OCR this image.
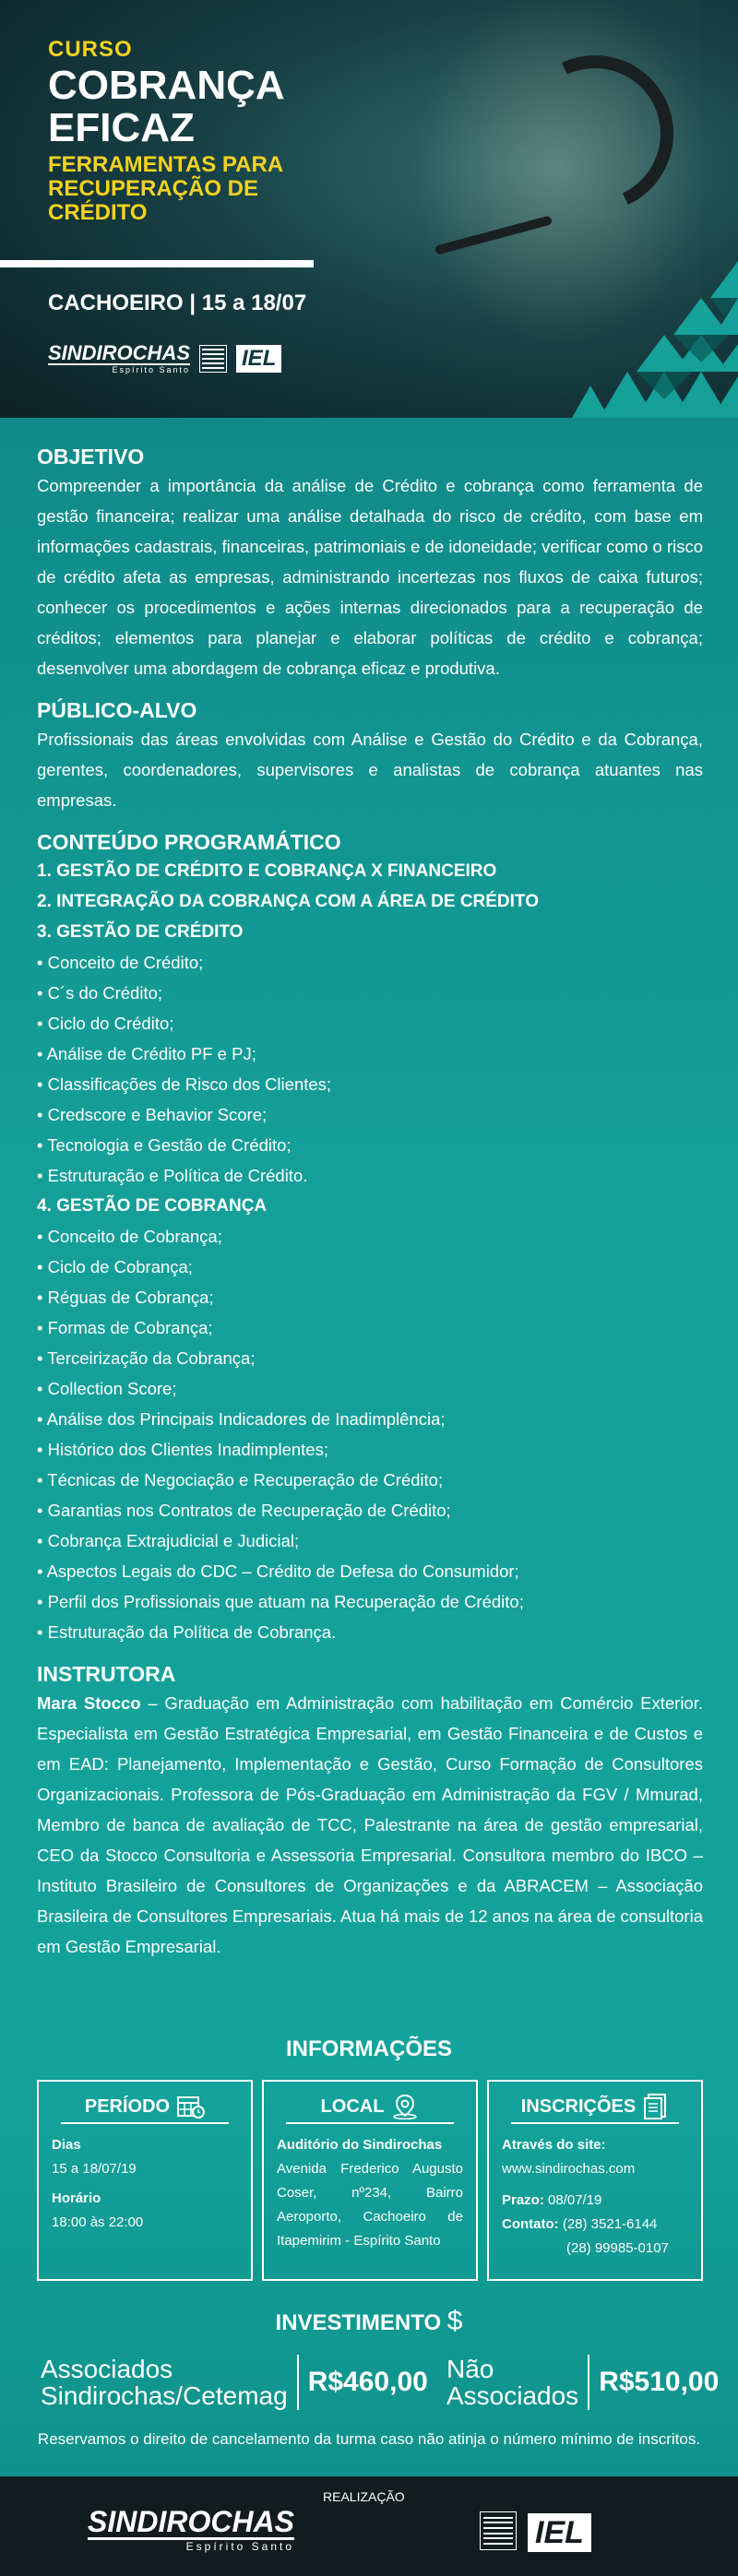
CURSO
COBRANÇA
EFICAZ
FERRAMENTAS PARA
RECUPERAÇÃO DE
CRÉDITO
CACHOEIRO | 15 a 18/07
SINDIROCHAS
Espírito Santo IEL
OBJETIVO

Compreender a importância da análise de Crédito e cobrança como ferramenta de gestão financeira; realizar uma análise detalhada do risco de crédito, com base em informações cadastrais, financeiras, patrimoniais e de idoneidade; verificar como o risco de crédito afeta as empresas, administrando incertezas nos fluxos de caixa futuros; conhecer os procedimentos e ações internas direcionados para a recuperação de créditos; elementos para planejar e elaborar políticas de crédito e cobrança; desenvolver uma abordagem de cobrança eficaz e produtiva.

PÚBLICO-ALVO

Profissionais das áreas envolvidas com Análise e Gestão do Crédito e da Cobrança, gerentes, coordenadores, supervisores e analistas de cobrança atuantes nas empresas.

CONTEÚDO PROGRAMÁTICO
1. GESTÃO DE CRÉDITO E COBRANÇA X FINANCEIRO
2. INTEGRAÇÃO DA COBRANÇA COM A ÁREA DE CRÉDITO
3. GESTÃO DE CRÉDITO
• Conceito de Crédito;
• C´s do Crédito;
• Ciclo do Crédito;
• Análise de Crédito PF e PJ;
• Classificações de Risco dos Clientes;
• Credscore e Behavior Score;
• Tecnologia e Gestão de Crédito;
• Estruturação e Política de Crédito.
4. GESTÃO DE COBRANÇA
• Conceito de Cobrança;
• Ciclo de Cobrança;
• Réguas de Cobrança;
• Formas de Cobrança;
• Terceirização da Cobrança;
• Collection Score;
• Análise dos Principais Indicadores de Inadimplência;
• Histórico dos Clientes Inadimplentes;
• Técnicas de Negociação e Recuperação de Crédito;
• Garantias nos Contratos de Recuperação de Crédito;
• Cobrança Extrajudicial e Judicial;
• Aspectos Legais do CDC – Crédito de Defesa do Consumidor;
• Perfil dos Profissionais que atuam na Recuperação de Crédito;
• Estruturação da Política de Cobrança.
INSTRUTORA

Mara Stocco – Graduação em Administração com habilitação em Comércio Exterior. Especialista em Gestão Estratégica Empresarial, em Gestão Financeira e de Custos e em EAD: Planejamento, Implementação e Gestão, Curso Formação de Consultores Organizacionais. Professora de Pós-Graduação em Administração da FGV / Mmurad, Membro de banca de avaliação de TCC, Palestrante na área de gestão empresarial, CEO da Stocco Consultoria e Assessoria Empresarial. Consultora membro do IBCO – Instituto Brasileiro de Consultores de Organizações e da ABRACEM – Associação Brasileira de Consultores Empresariais. Atua há mais de 12 anos na área de consultoria em Gestão Empresarial.

INFORMAÇÕES
PERÍODO

Dias

15 a 18/07/19

Horário

18:00 às 22:00

LOCAL

Auditório do Sindirochas

Avenida Frederico Augusto Coser, nº234, Bairro Aeroporto, Cachoeiro de Itapemirim - Espírito Santo

INSCRIÇÕES

Através do site:

www.sindirochas.com

Prazo: 08/07/19

Contato: (28) 3521-6144

(28) 99985-0107

INVESTIMENTO $
Associados
Sindirochas/Cetemag R$460,00 Não
Associados R$510,00
Reservamos o direito de cancelamento da turma caso não atinja o número mínimo de inscritos.
REALIZAÇÃO
SINDIROCHAS
Espírito Santo	IEL
